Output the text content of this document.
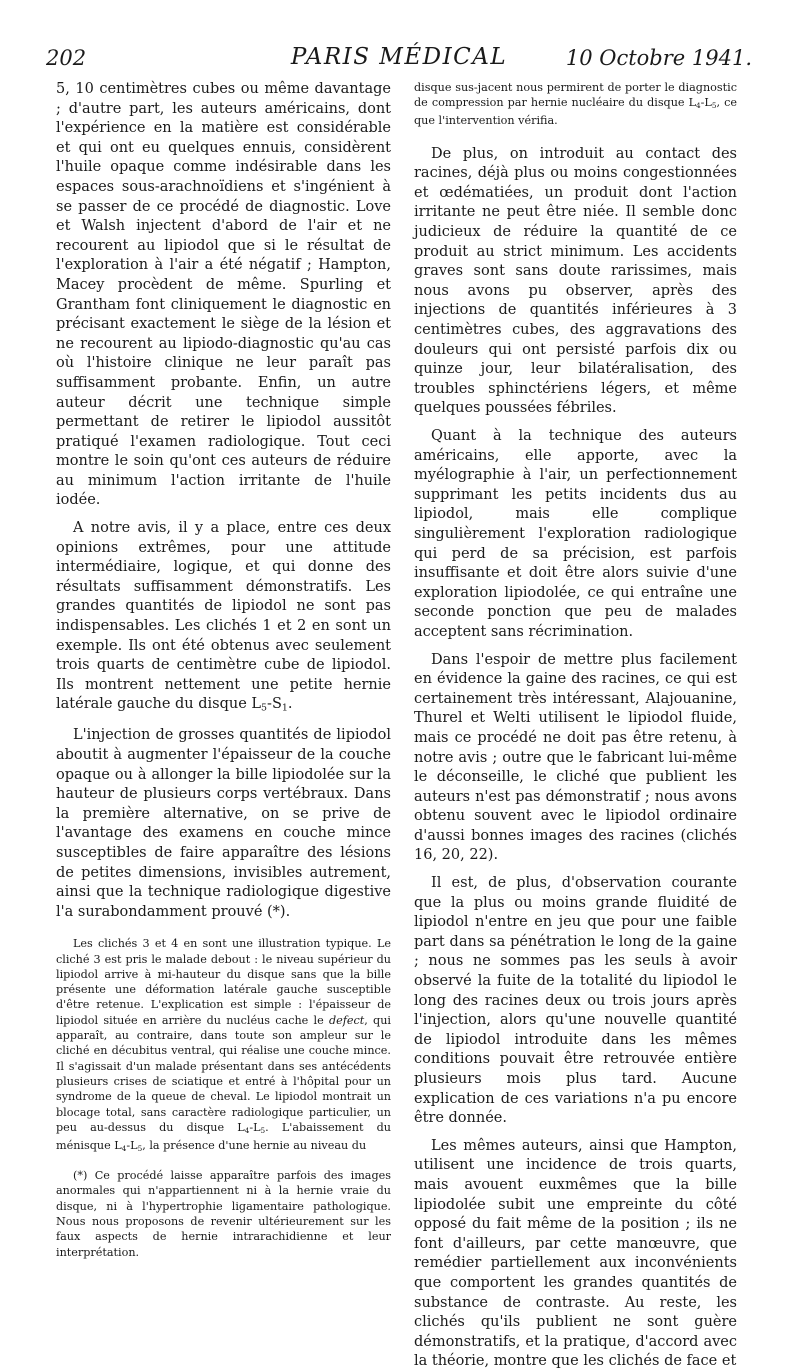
202	PARIS MÉDICAL	10 Octobre 1941.

5, 10 centimètres cubes ou même davantage ; d'autre part, les auteurs américains, dont l'expérience en la matière est considérable et qui ont eu quelques ennuis, considèrent l'huile opaque comme indésirable dans les espaces sous-arachnoïdiens et s'ingénient à se passer de ce procédé de diagnostic. Love et Walsh injectent d'abord de l'air et ne recourent au lipiodol que si le résultat de l'exploration à l'air a été négatif ; Hampton, Macey procèdent de même. Spurling et Grantham font cliniquement le diagnostic en précisant exactement le siège de la lésion et ne recourent au lipiodo-diagnostic qu'au cas où l'histoire clinique ne leur paraît pas suffisamment probante. Enfin, un autre auteur décrit une technique simple permettant de retirer le lipiodol aussitôt pratiqué l'examen radiologique. Tout ceci montre le soin qu'ont ces auteurs de réduire au minimum l'action irritante de l'huile iodée.

A notre avis, il y a place, entre ces deux opinions extrêmes, pour une attitude intermédiaire, logique, et qui donne des résultats suffisamment démonstratifs. Les grandes quantités de lipiodol ne sont pas indispensables. Les clichés 1 et 2 en sont un exemple. Ils ont été obtenus avec seulement trois quarts de centimètre cube de lipiodol. Ils montrent nettement une petite hernie latérale gauche du disque $L_5-S_1$.

L'injection de grosses quantités de lipiodol aboutit à augmenter l'épaisseur de la couche opaque ou à allonger la bille lipiodolée sur la hauteur de plusieurs corps vertébraux. Dans la première alternative, on se prive de l'avantage des examens en couche mince susceptibles de faire apparaître des lésions de petites dimensions, invisibles autrement, ainsi que la technique radiologique digestive l'a surabondamment prouvé (*).

Les clichés 3 et 4 en sont une illustration typique. Le cliché 3 est pris le malade debout : le niveau supérieur du lipiodol arrive à mi-hauteur du disque sans que la bille présente une déformation latérale gauche susceptible d'être retenue. L'explication est simple : l'épaisseur de lipiodol située en arrière du nucléus cache le defect, qui apparaît, au contraire, dans toute son ampleur sur le cliché en décubitus ventral, qui réalise une couche mince. Il s'agissait d'un malade présentant dans ses antécédents plusieurs crises de sciatique et entré à l'hôpital pour un syndrome de la queue de cheval. Le lipiodol montrait un blocage total, sans caractère radiologique particulier, un peu au-dessus du disque $L_4-L_5$. L'abaissement du ménisque $L_4-L_5$, la présence d'une hernie au niveau du

(*) Ce procédé laisse apparaître parfois des images anormales qui n'appartiennent ni à la hernie vraie du disque, ni à l'hypertrophie ligamentaire pathologique. Nous nous proposons de revenir ultérieurement sur les faux aspects de hernie intrarachidienne et leur interprétation.

disque sus-jacent nous permirent de porter le diagnostic de compression par hernie nucléaire du disque $L_4-L_5$, ce que l'intervention vérifia.

De plus, on introduit au contact des racines, déjà plus ou moins congestionnées et œdématiées, un produit dont l'action irritante ne peut être niée. Il semble donc judicieux de réduire la quantité de ce produit au strict minimum. Les accidents graves sont sans doute rarissimes, mais nous avons pu observer, après des injections de quantités inférieures à 3 centimètres cubes, des aggravations des douleurs qui ont persisté parfois dix ou quinze jour, leur bilatéralisation, des troubles sphinctériens légers, et même quelques poussées fébriles.

Quant à la technique des auteurs américains, elle apporte, avec la myélographie à l'air, un perfectionnement supprimant les petits incidents dus au lipiodol, mais elle complique singulièrement l'exploration radiologique qui perd de sa précision, est parfois insuffisante et doit être alors suivie d'une exploration lipiodolée, ce qui entraîne une seconde ponction que peu de malades acceptent sans récrimination.

Dans l'espoir de mettre plus facilement en évidence la gaine des racines, ce qui est certainement très intéressant, Alajouanine, Thurel et Welti utilisent le lipiodol fluide, mais ce procédé ne doit pas être retenu, à notre avis ; outre que le fabricant lui-même le déconseille, le cliché que publient les auteurs n'est pas démonstratif ; nous avons obtenu souvent avec le lipiodol ordinaire d'aussi bonnes images des racines (clichés 16, 20, 22).

Il est, de plus, d'observation courante que la plus ou moins grande fluidité de lipiodol n'entre en jeu que pour une faible part dans sa pénétration le long de la gaine ; nous ne sommes pas les seuls à avoir observé la fuite de la totalité du lipiodol le long des racines deux ou trois jours après l'injection, alors qu'une nouvelle quantité de lipiodol introduite dans les mêmes conditions pouvait être retrouvée entière plusieurs mois plus tard. Aucune explication de ces variations n'a pu encore être donnée.

Les mêmes auteurs, ainsi que Hampton, utilisent une incidence de trois quarts, mais avouent euxmêmes que la bille lipiodolée subit une empreinte du côté opposé du fait même de la position ; ils ne font d'ailleurs, par cette manœuvre, que remédier partiellement aux inconvénients que comportent les grandes quantités de substance de contraste. Au reste, les clichés qu'ils publient ne sont guère démonstratifs, et la pratique, d'accord avec la théorie, montre que les clichés de face et
